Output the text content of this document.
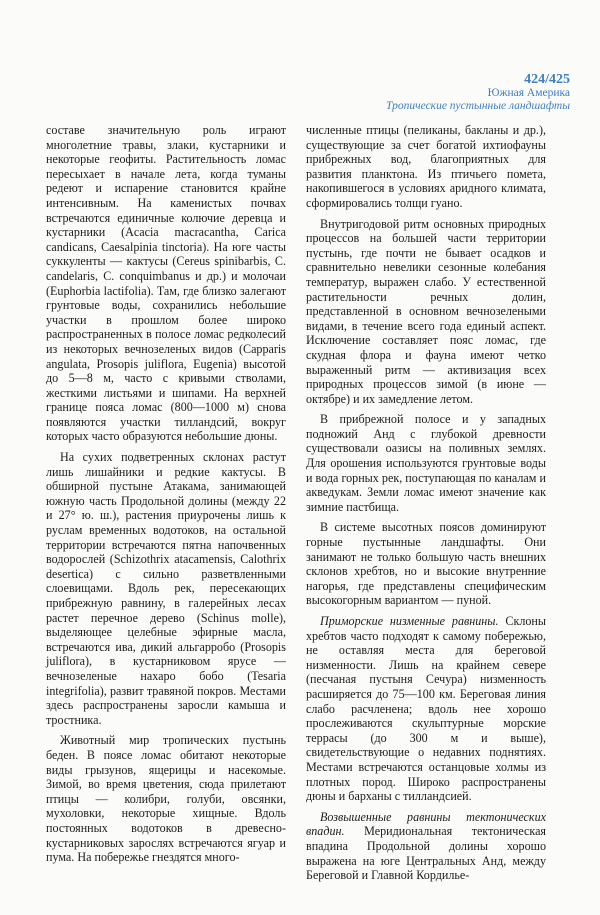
424/425
Южная Америка
Тропические пустынные ландшафты

составе значительную роль играют многолетние травы, злаки, кустарники и некоторые геофиты. Растительность ломас пересыхает в начале лета, когда туманы редеют и испарение становится крайне интенсивным. На каменистых почвах встречаются единичные колючие деревца и кустарники (Acacia macracantha, Carica candicans, Caesalpinia tinctoria). На юге часты суккуленты — кактусы (Cereus spinibarbis, C. candelaris, C. conquimbanus и др.) и молочаи (Euphorbia lactifolia). Там, где близко залегают грунтовые воды, сохранились небольшие участки в прошлом более широко распространенных в полосе ломас редколесий из некоторых вечнозеленых видов (Capparis angulata, Prosopis juliflora, Eugenia) высотой до 5—8 м, часто с кривыми стволами, жесткими листьями и шипами. На верхней границе пояса ломас (800—1000 м) снова появляются участки тилландсий, вокруг которых часто образуются небольшие дюны.

На сухих подветренных склонах растут лишь лишайники и редкие кактусы. В обширной пустыне Атакама, занимающей южную часть Продольной долины (между 22 и 27° ю. ш.), растения приурочены лишь к руслам временных водотоков, на остальной территории встречаются пятна напочвенных водорослей (Schizothrix atacamensis, Calothrix desertica) с сильно разветвленными слоевищами. Вдоль рек, пересекающих прибрежную равнину, в галерейных лесах растет перечное дерево (Schinus molle), выделяющее целебные эфирные масла, встречаются ива, дикий альгарробо (Prosopis juliflora), в кустарниковом ярусе — вечнозеленые нахаро бобо (Tesaria integrifolia), развит травяной покров. Местами здесь распространены заросли камыша и тростника.

Животный мир тропических пустынь беден. В поясе ломас обитают некоторые виды грызунов, ящерицы и насекомые. Зимой, во время цветения, сюда прилетают птицы — колибри, голуби, овсянки, мухоловки, некоторые хищные. Вдоль постоянных водотоков в древесно-кустарниковых зарослях встречаются ягуар и пума. На побережье гнездятся много-

численные птицы (пеликаны, бакланы и др.), существующие за счет богатой ихтиофауны прибрежных вод, благоприятных для развития планктона. Из птичьего помета, накопившегося в условиях аридного климата, сформировались толщи гуано.

Внутригодовой ритм основных природных процессов на большей части территории пустынь, где почти не бывает осадков и сравнительно невелики сезонные колебания температур, выражен слабо. У естественной растительности речных долин, представленной в основном вечнозелеными видами, в течение всего года единый аспект. Исключение составляет пояс ломас, где скудная флора и фауна имеют четко выраженный ритм — активизация всех природных процессов зимой (в июне — октябре) и их замедление летом.

В прибрежной полосе и у западных подножий Анд с глубокой древности существовали оазисы на поливных землях. Для орошения используются грунтовые воды и вода горных рек, поступающая по каналам и акведукам. Земли ломас имеют значение как зимние пастбища.

В системе высотных поясов доминируют горные пустынные ландшафты. Они занимают не только большую часть внешних склонов хребтов, но и высокие внутренние нагорья, где представлены специфическим высокогорным вариантом — пуной.

Приморские низменные равнины. Склоны хребтов часто подходят к самому побережью, не оставляя места для береговой низменности. Лишь на крайнем севере (песчаная пустыня Сечура) низменность расширяется до 75—100 км. Береговая линия слабо расчленена; вдоль нее хорошо прослеживаются скульптурные морские террасы (до 300 м и выше), свидетельствующие о недавних поднятиях. Местами встречаются останцовые холмы из плотных пород. Широко распространены дюны и барханы с тилландсией.

Возвышенные равнины тектонических впадин. Меридиональная тектоническая впадина Продольной долины хорошо выражена на юге Центральных Анд, между Береговой и Главной Кордилье-
